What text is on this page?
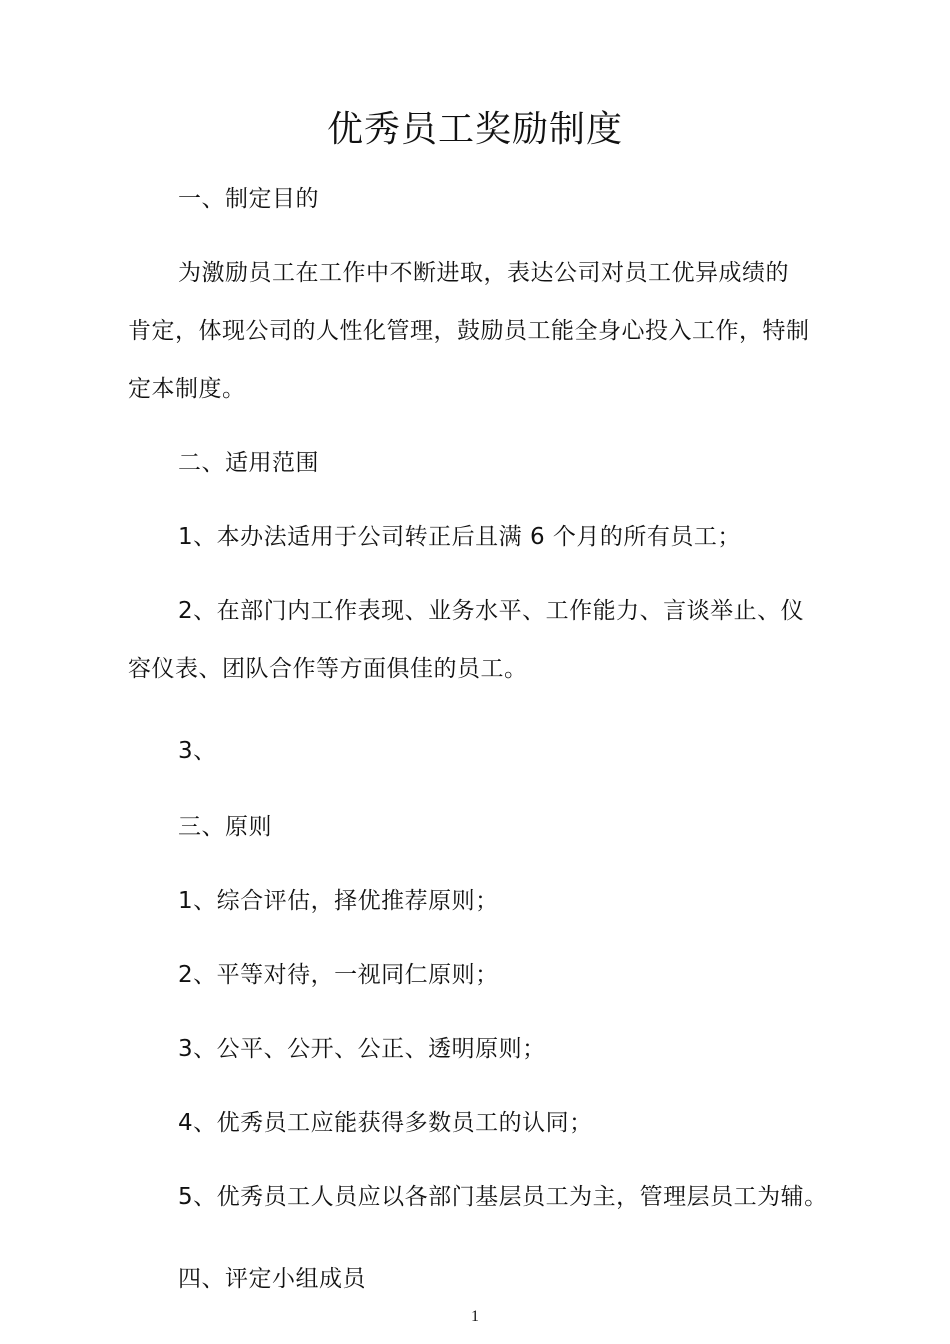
优秀员工奖励制度
一、制定目的
为激励员工在工作中不断进取，表达公司对员工优异成绩的
肯定，体现公司的人性化管理，鼓励员工能全身心投入工作，特制
定本制度。
二、适用范围
1、本办法适用于公司转正后且满 6 个月的所有员工；
2、在部门内工作表现、业务水平、工作能力、言谈举止、仪
容仪表、团队合作等方面俱佳的员工。
3、
三、原则
1、综合评估，择优推荐原则；
2、平等对待，一视同仁原则；
3、公平、公开、公正、透明原则；
4、优秀员工应能获得多数员工的认同；
5、优秀员工人员应以各部门基层员工为主，管理层员工为辅。
四、评定小组成员
1
